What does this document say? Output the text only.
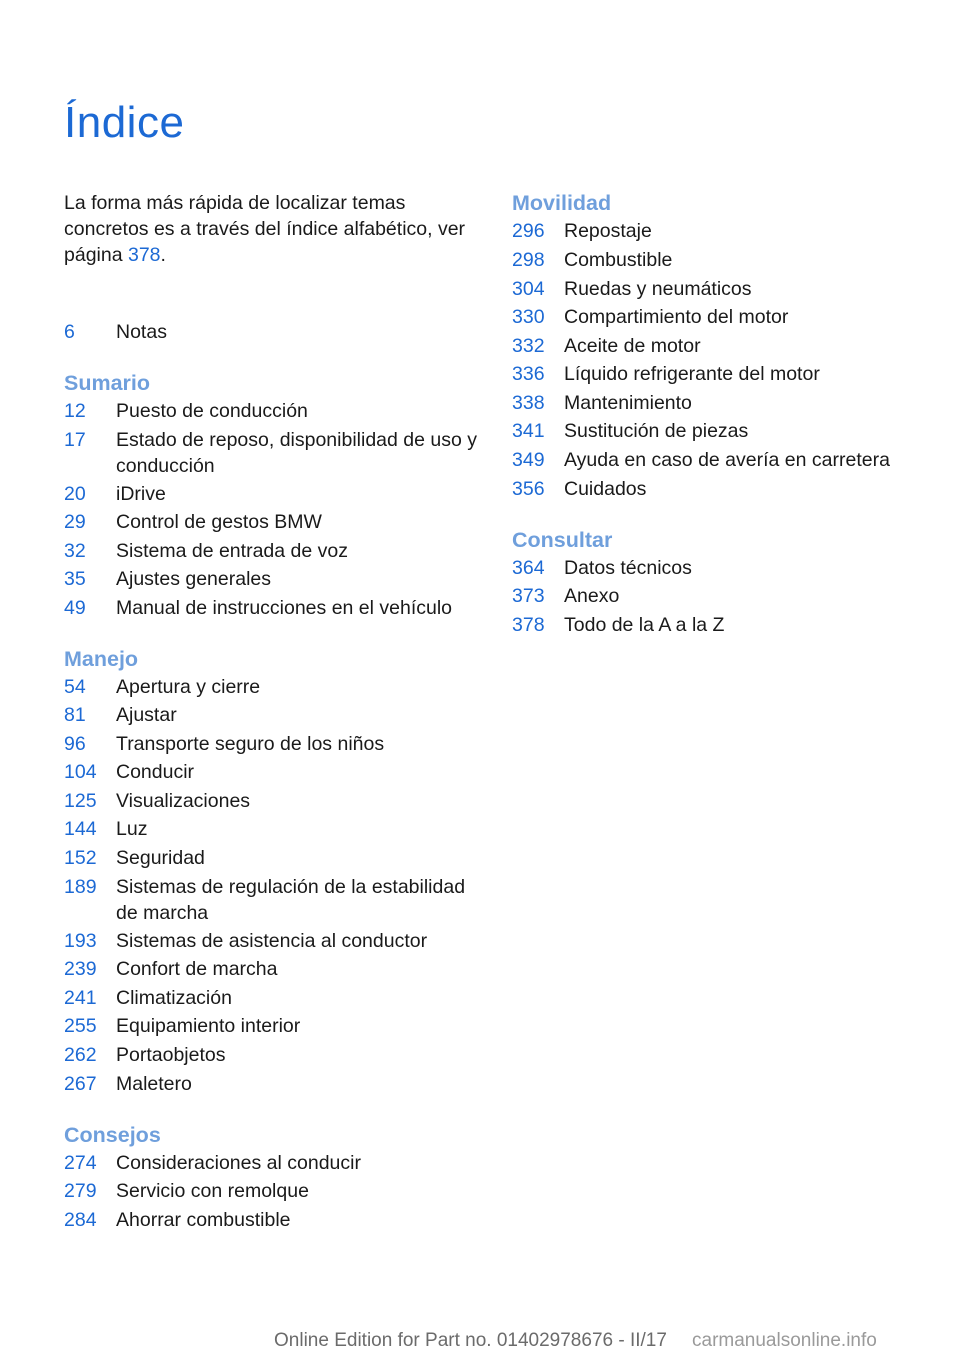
Índice
La forma más rápida de localizar temas concretos es a través del índice alfabético, ver página 378.
6	Notas
Sumario
12	Puesto de conducción
17	Estado de reposo, disponibilidad de uso y conducción
20	iDrive
29	Control de gestos BMW
32	Sistema de entrada de voz
35	Ajustes generales
49	Manual de instrucciones en el vehículo
Manejo
54	Apertura y cierre
81	Ajustar
96	Transporte seguro de los niños
104 Conducir
125 Visualizaciones
144 Luz
152 Seguridad
189 Sistemas de regulación de la estabilidad de marcha
193 Sistemas de asistencia al conductor
239 Confort de marcha
241 Climatización
255 Equipamiento interior
262 Portaobjetos
267 Maletero
Consejos
274 Consideraciones al conducir
279 Servicio con remolque
284 Ahorrar combustible
Movilidad
296 Repostaje
298 Combustible
304 Ruedas y neumáticos
330 Compartimiento del motor
332 Aceite de motor
336 Líquido refrigerante del motor
338 Mantenimiento
341 Sustitución de piezas
349 Ayuda en caso de avería en carretera
356 Cuidados
Consultar
364 Datos técnicos
373 Anexo
378 Todo de la A a la Z
Online Edition for Part no. 01402978676 - II/17 carmanualsonline.info
